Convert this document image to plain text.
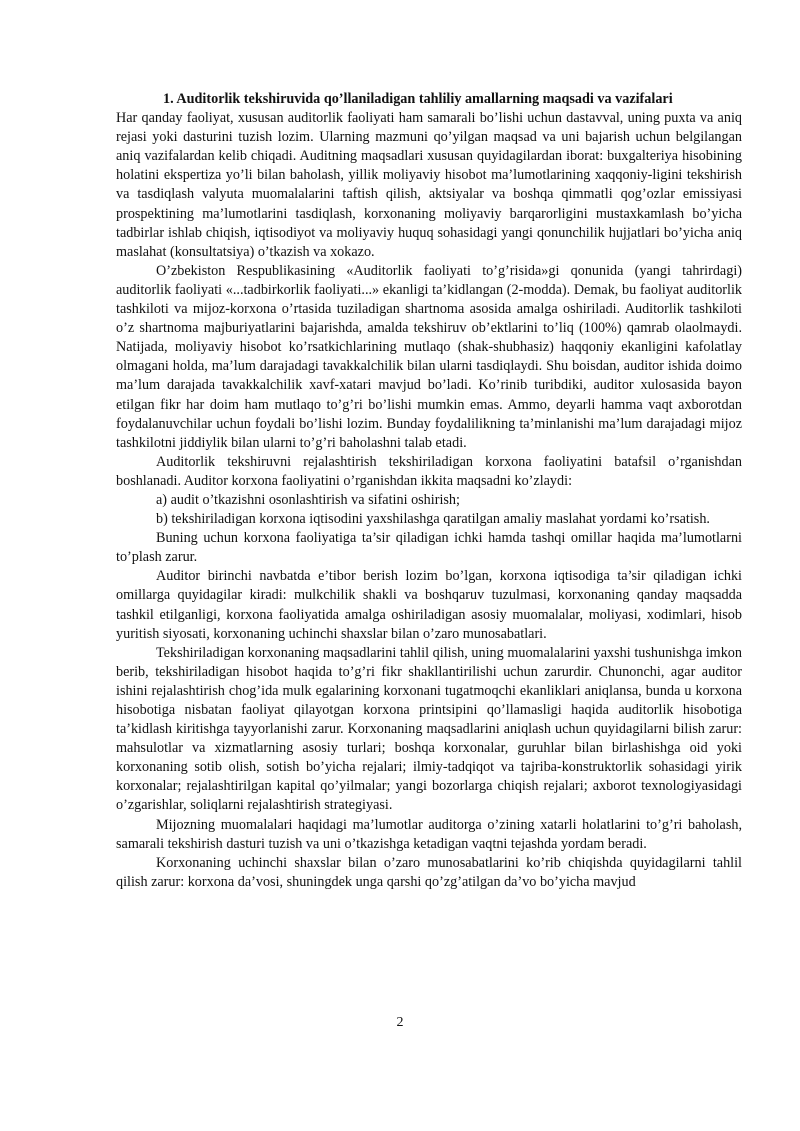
1. Auditorlik tekshiruvida qo’llaniladigan tahliliy amallarning maqsadi va vazifalari

Har qanday faoliyat, xususan auditorlik faoliyati ham samarali bo’lishi uchun dastavval, uning puxta va aniq rejasi yoki dasturini tuzish lozim. Ularning mazmuni qo’yilgan maqsad va uni bajarish uchun belgilangan aniq vazifalardan kelib chiqadi. Auditning maqsadlari xususan quyidagilardan iborat: buxgalteriya hisobining holatini ekspertiza yo’li bilan baholash, yillik moliyaviy hisobot ma’lumotlarining xaqqoniy-ligini tekshirish va tasdiqlash valyuta muomalalarini taftish qilish, aktsiyalar va boshqa qimmatli qog’ozlar emissiyasi prospektining ma’lumotlarini tasdiqlash, korxonaning moliyaviy barqarorligini mustaxkamlash bo’yicha tadbirlar ishlab chiqish, iqtisodiyot va moliyaviy huquq sohasidagi yangi qonunchilik hujjatlari bo’yicha aniq maslahat (konsultatsiya) o’tkazish va xokazo.

O’zbekiston Respublikasining «Auditorlik faoliyati to’g’risida»gi qonunida (yangi tahrirdagi) auditorlik faoliyati «...tadbirkorlik faoliyati...» ekanligi ta’kidlangan (2-modda). Demak, bu faoliyat auditorlik tashkiloti va mijoz-korxona o’rtasida tuziladigan shartnoma asosida amalga oshiriladi. Auditorlik tashkiloti o’z shartnoma majburiyatlarini bajarishda, amalda tekshiruv ob’ektlarini to’liq (100%) qamrab olaolmaydi. Natijada, moliyaviy hisobot ko’rsatkichlarining mutlaqo (shak-shubhasiz) haqqoniy ekanligini kafolatlay olmagani holda, ma’lum darajadagi tavakkalchilik bilan ularni tasdiqlaydi. Shu boisdan, auditor ishida doimo ma’lum darajada tavakkalchilik xavf-xatari mavjud bo’ladi. Ko’rinib turibdiki, auditor xulosasida bayon etilgan fikr har doim ham mutlaqo to’g’ri bo’lishi mumkin emas. Ammo, deyarli hamma vaqt axborotdan foydalanuvchilar uchun foydali bo’lishi lozim. Bunday foydalilikning ta’minlanishi ma’lum darajadagi mijoz tashkilotni jiddiylik bilan ularni to’g’ri baholashni talab etadi.

Auditorlik tekshiruvni rejalashtirish tekshiriladigan korxona faoliyatini batafsil o’rganishdan boshlanadi. Auditor korxona faoliyatini o’rganishdan ikkita maqsadni ko’zlaydi:

a) audit o’tkazishni osonlashtirish va sifatini oshirish;

b) tekshiriladigan korxona iqtisodini yaxshilashga qaratilgan amaliy maslahat yordami ko’rsatish.

Buning uchun korxona faoliyatiga ta’sir qiladigan ichki hamda tashqi omillar haqida ma’lumotlarni to’plash zarur.

Auditor birinchi navbatda e’tibor berish lozim bo’lgan, korxona iqtisodiga ta’sir qiladigan ichki omillarga quyidagilar kiradi: mulkchilik shakli va boshqaruv tuzulmasi, korxonaning qanday maqsadda tashkil etilganligi, korxona faoliyatida amalga oshiriladigan asosiy muomalalar, moliyasi, xodimlari, hisob yuritish siyosati, korxonaning uchinchi shaxslar bilan o’zaro munosabatlari.

Tekshiriladigan korxonaning maqsadlarini tahlil qilish, uning muomalalarini yaxshi tushunishga imkon berib, tekshiriladigan hisobot haqida to’g’ri fikr shakllantirilishi uchun zarurdir. Chunonchi, agar auditor ishini rejalashtirish chog’ida mulk egalarining korxonani tugatmoqchi ekanliklari aniqlansa, bunda u korxona hisobotiga nisbatan faoliyat qilayotgan korxona printsipini qo’llamasligi haqida auditorlik hisobotiga ta’kidlash kiritishga tayyorlanishi zarur. Korxonaning maqsadlarini aniqlash uchun quyidagilarni bilish zarur: mahsulotlar va xizmatlarning asosiy turlari; boshqa korxonalar, guruhlar bilan birlashishga oid yoki korxonaning sotib olish, sotish bo’yicha rejalari; ilmiy-tadqiqot va tajriba-konstruktorlik sohasidagi yirik korxonalar; rejalashtirilgan kapital qo’yilmalar; yangi bozorlarga chiqish rejalari; axborot texnologiyasidagi o’zgarishlar, soliqlarni rejalashtirish strategiyasi.

Mijozning muomalalari haqidagi ma’lumotlar auditorga o’zining xatarli holatlarini to’g’ri baholash, samarali tekshirish dasturi tuzish va uni o’tkazishga ketadigan vaqtni tejashda yordam beradi.

Korxonaning uchinchi shaxslar bilan o’zaro munosabatlarini ko’rib chiqishda quyidagilarni tahlil qilish zarur: korxona da’vosi, shuningdek unga qarshi qo’zg’atilgan da’vo bo’yicha mavjud

2
